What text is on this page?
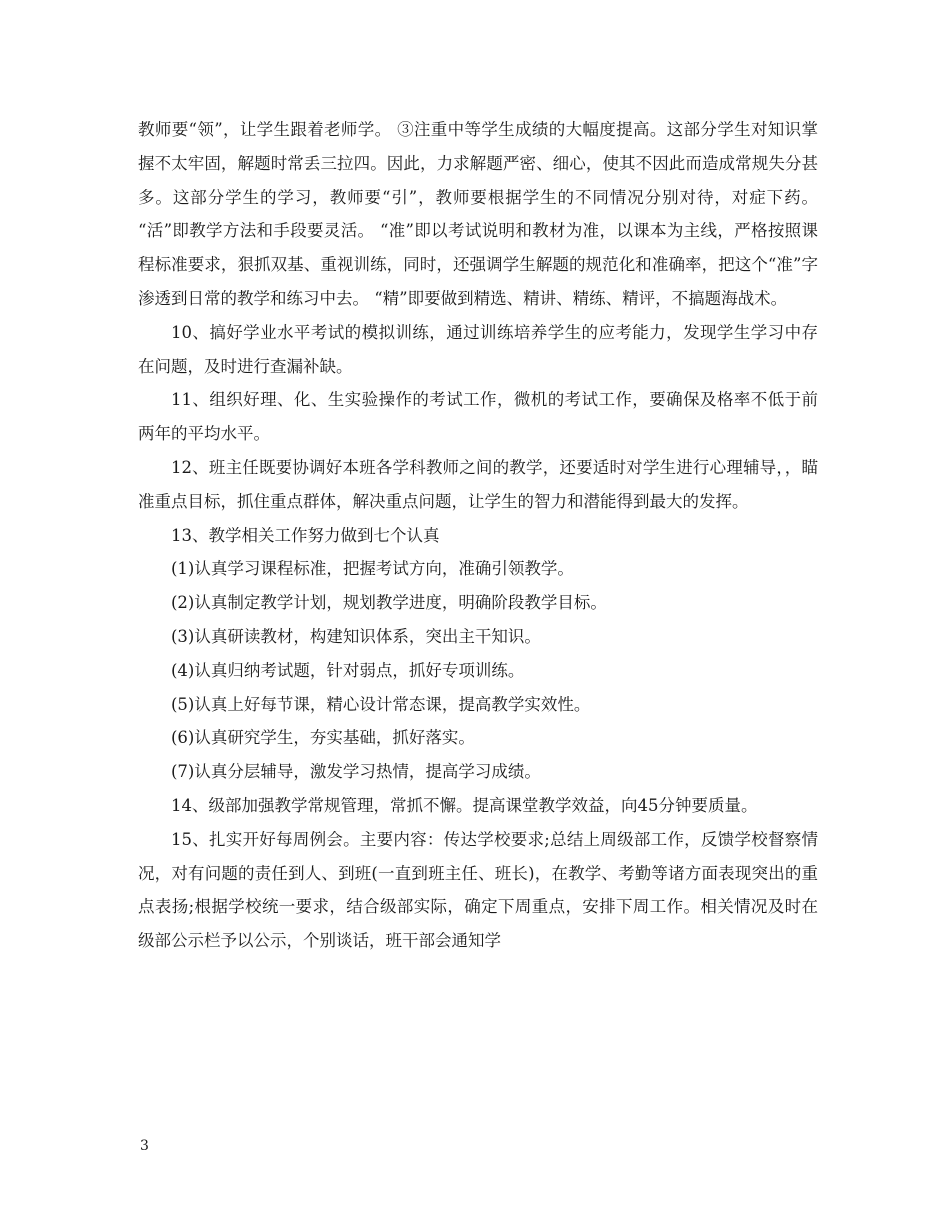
教师要“领”，让学生跟着老师学。 ③注重中等学生成绩的大幅度提高。这部分学生对知识掌握不太牢固，解题时常丢三拉四。因此，力求解题严密、细心，使其不因此而造成常规失分甚多。这部分学生的学习，教师要“引”，教师要根据学生的不同情况分别对待，对症下药。 “活”即教学方法和手段要灵活。 “准”即以考试说明和教材为准，以课本为主线，严格按照课程标准要求，狠抓双基、重视训练，同时，还强调学生解题的规范化和准确率，把这个“准”字渗透到日常的教学和练习中去。 “精”即要做到精选、精讲、精练、精评，不搞题海战术。

10、搞好学业水平考试的模拟训练，通过训练培养学生的应考能力，发现学生学习中存在问题，及时进行查漏补缺。

11、组织好理、化、生实验操作的考试工作，微机的考试工作，要确保及格率不低于前两年的平均水平。

12、班主任既要协调好本班各学科教师之间的教学，还要适时对学生进行心理辅导，，瞄准重点目标，抓住重点群体，解决重点问题，让学生的智力和潜能得到最大的发挥。

13、教学相关工作努力做到七个认真

(1)认真学习课程标准，把握考试方向，准确引领教学。

(2)认真制定教学计划，规划教学进度，明确阶段教学目标。

(3)认真研读教材，构建知识体系，突出主干知识。

(4)认真归纳考试题，针对弱点，抓好专项训练。

(5)认真上好每节课，精心设计常态课，提高教学实效性。

(6)认真研究学生，夯实基础，抓好落实。

(7)认真分层辅导，激发学习热情，提高学习成绩。

14、级部加强教学常规管理，常抓不懈。提高课堂教学效益，向45分钟要质量。

15、扎实开好每周例会。主要内容：传达学校要求;总结上周级部工作，反馈学校督察情况，对有问题的责任到人、到班(一直到班主任、班长)，在教学、考勤等诸方面表现突出的重点表扬;根据学校统一要求，结合级部实际，确定下周重点，安排下周工作。相关情况及时在级部公示栏予以公示，个别谈话，班干部会通知学

3
